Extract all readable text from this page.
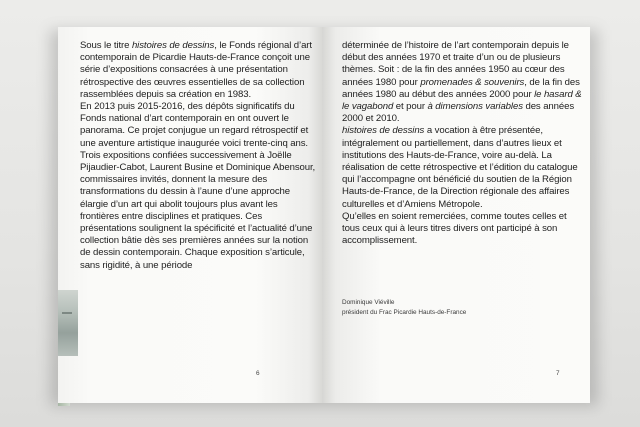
Sous le titre histoires de dessins, le Fonds régional d’art contemporain de Picardie Hauts-de-France conçoit une série d’expositions consacrées à une présentation rétrospective des œuvres essentielles de sa collection rassemblées depuis sa création en 1983.
En 2013 puis 2015-2016, des dépôts significatifs du Fonds national d’art contemporain en ont ouvert le panorama. Ce projet conjugue un regard rétrospectif et une aventure artistique inaugurée voici trente-cinq ans.
Trois expositions confiées successivement à Joëlle Pijaudier-Cabot, Laurent Busine et Dominique Abensour, commissaires invités, donnent la mesure des transformations du dessin à l’aune d’une approche élargie d’un art qui abolit toujours plus avant les frontières entre disciplines et pratiques. Ces présentations soulignent la spécificité et l’actualité d’une collection bâtie dès ses premières années sur la notion de dessin contemporain. Chaque exposition s’articule, sans rigidité, à une période

déterminée de l’histoire de l’art contemporain depuis le début des années 1970 et traite d’un ou de plusieurs thèmes. Soit : de la fin des années 1950 au cœur des années 1980 pour promenades & souvenirs, de la fin des années 1980 au début des années 2000 pour le hasard & le vagabond et pour à dimensions variables des années 2000 et 2010.
histoires de dessins a vocation à être présentée, intégralement ou partiellement, dans d’autres lieux et institutions des Hauts-de-France, voire au-delà. La réalisation de cette rétrospective et l’édition du catalogue qui l’accompagne ont bénéficié du soutien de la Région Hauts-de-France, de la Direction régionale des affaires culturelles et d’Amiens Métropole.
Qu’elles en soient remerciées, comme toutes celles et tous ceux qui à leurs titres divers ont participé à son accomplissement.

Dominique Viéville

président du Frac Picardie Hauts-de-France

6	7
